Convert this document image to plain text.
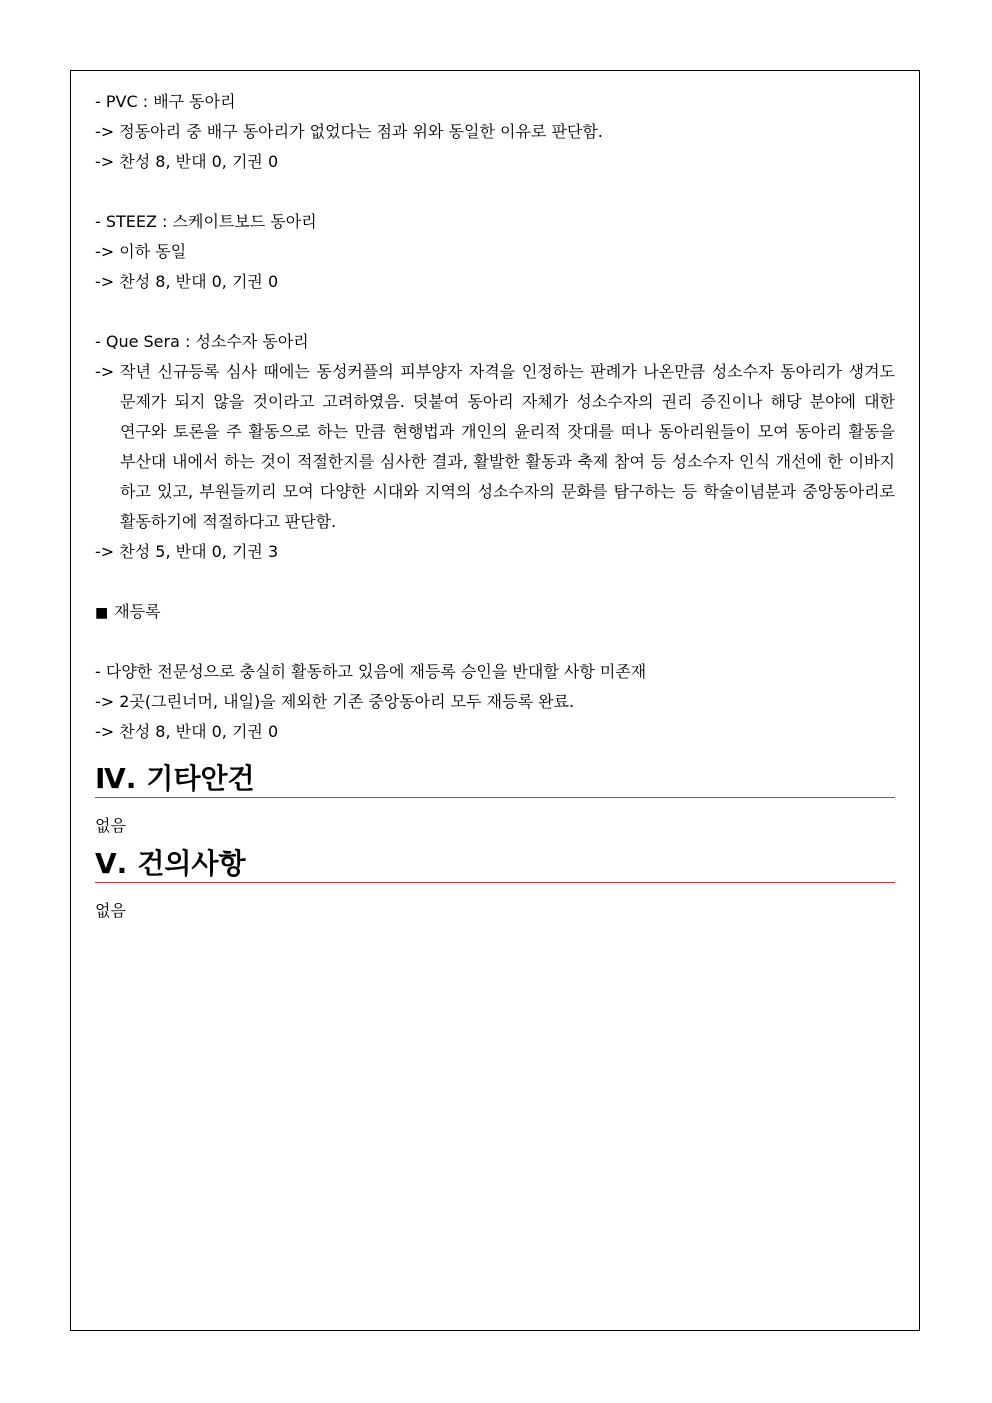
- PVC : 배구 동아리
-> 정동아리 중 배구 동아리가 없었다는 점과 위와 동일한 이유로 판단함.
-> 찬성 8, 반대 0, 기권 0
- STEEZ : 스케이트보드 동아리
-> 이하 동일
-> 찬성 8, 반대 0, 기권 0
- Que Sera : 성소수자 동아리
-> 작년 신규등록 심사 때에는 동성커플의 피부양자 자격을 인정하는 판례가 나온만큼 성소수자 동아리가 생겨도 문제가 되지 않을 것이라고 고려하였음. 덧붙여 동아리 자체가 성소수자의 권리 증진이나 해당 분야에 대한 연구와 토론을 주 활동으로 하는 만큼 현행법과 개인의 윤리적 잣대를 떠나 동아리원들이 모여 동아리 활동을 부산대 내에서 하는 것이 적절한지를 심사한 결과, 활발한 활동과 축제 참여 등 성소수자 인식 개선에 한 이바지 하고 있고, 부원들끼리 모여 다양한 시대와 지역의 성소수자의 문화를 탐구하는 등 학술이념분과 중앙동아리로 활동하기에 적절하다고 판단함.
-> 찬성 5, 반대 0, 기권 3
■ 재등록
- 다양한 전문성으로 충실히 활동하고 있음에 재등록 승인을 반대할 사항 미존재
-> 2곳(그린너머, 내일)을 제외한 기존 중앙동아리 모두 재등록 완료.
-> 찬성 8, 반대 0, 기권 0
Ⅳ. 기타안건
없음
Ⅴ. 건의사항
없음
